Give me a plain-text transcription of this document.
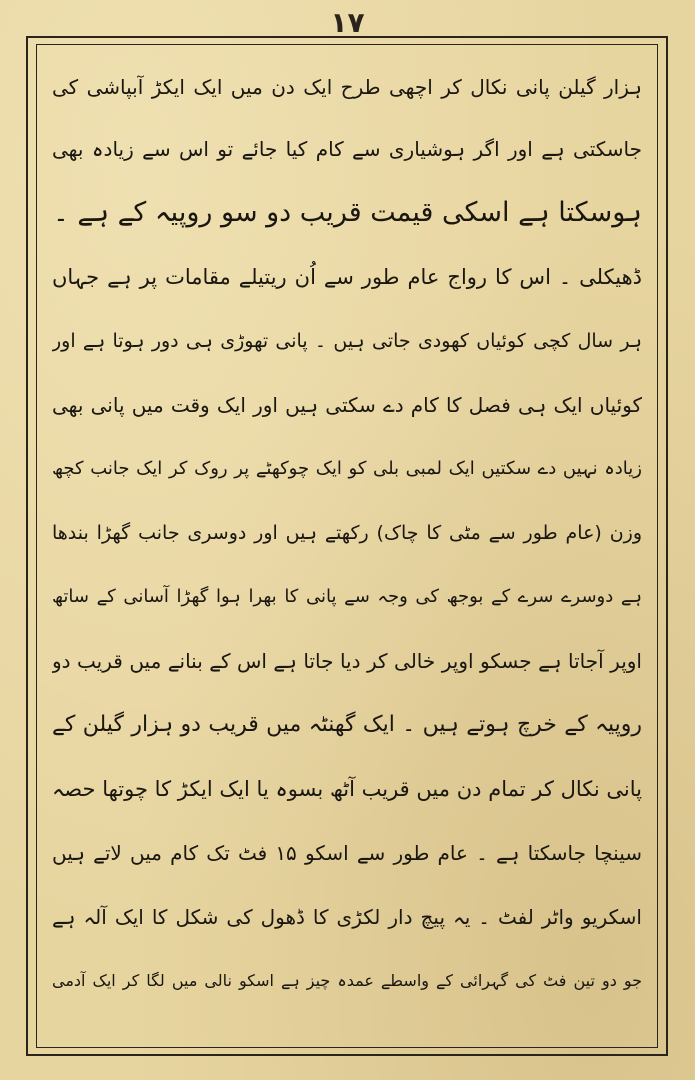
۱۷
ہزار گیلن پانی نکال کر اچھی طرح ایک دن میں ایک ایکڑ آبپاشی کی
جاسکتی ہے اور اگر ہوشیاری سے کام کیا جائے تو اس سے زیادہ بھی
ہوسکتا ہے اسکی قیمت قریب دو سو روپیہ کے ہے ۔
ڈھیکلی ۔ اس کا رواج عام طور سے اُن ریتیلے مقامات پر ہے جہاں
ہر سال کچی کوئیاں کھودی جاتی ہیں ۔ پانی تھوڑی ہی دور ہوتا ہے اور
کوئیاں ایک ہی فصل کا کام دے سکتی ہیں اور ایک وقت میں پانی بھی
زیادہ نہیں دے سکتیں ایک لمبی بلی کو ایک چوکھٹے پر روک کر ایک جانب کچھ
وزن (عام طور سے مٹی کا چاک) رکھتے ہیں اور دوسری جانب گھڑا بندھا
ہے دوسرے سرے کے بوجھ کی وجہ سے پانی کا بھرا ہوا گھڑا آسانی کے ساتھ
اوپر آجاتا ہے جسکو اوپر خالی کر دیا جاتا ہے اس کے بنانے میں قریب دو
روپیہ کے خرچ ہوتے ہیں ۔ ایک گھنٹہ میں قریب دو ہزار گیلن کے
پانی نکال کر تمام دن میں قریب آٹھ بسوہ یا ایک ایکڑ کا چوتھا حصہ
سینچا جاسکتا ہے ۔ عام طور سے اسکو ۱۵ فٹ تک کام میں لاتے ہیں
اسکریو واٹر لفٹ ۔ یہ پیچ دار لکڑی کا ڈھول کی شکل کا ایک آلہ ہے
جو دو تین فٹ کی گہرائی کے واسطے عمدہ چیز ہے اسکو نالی میں لگا کر ایک آدمی
